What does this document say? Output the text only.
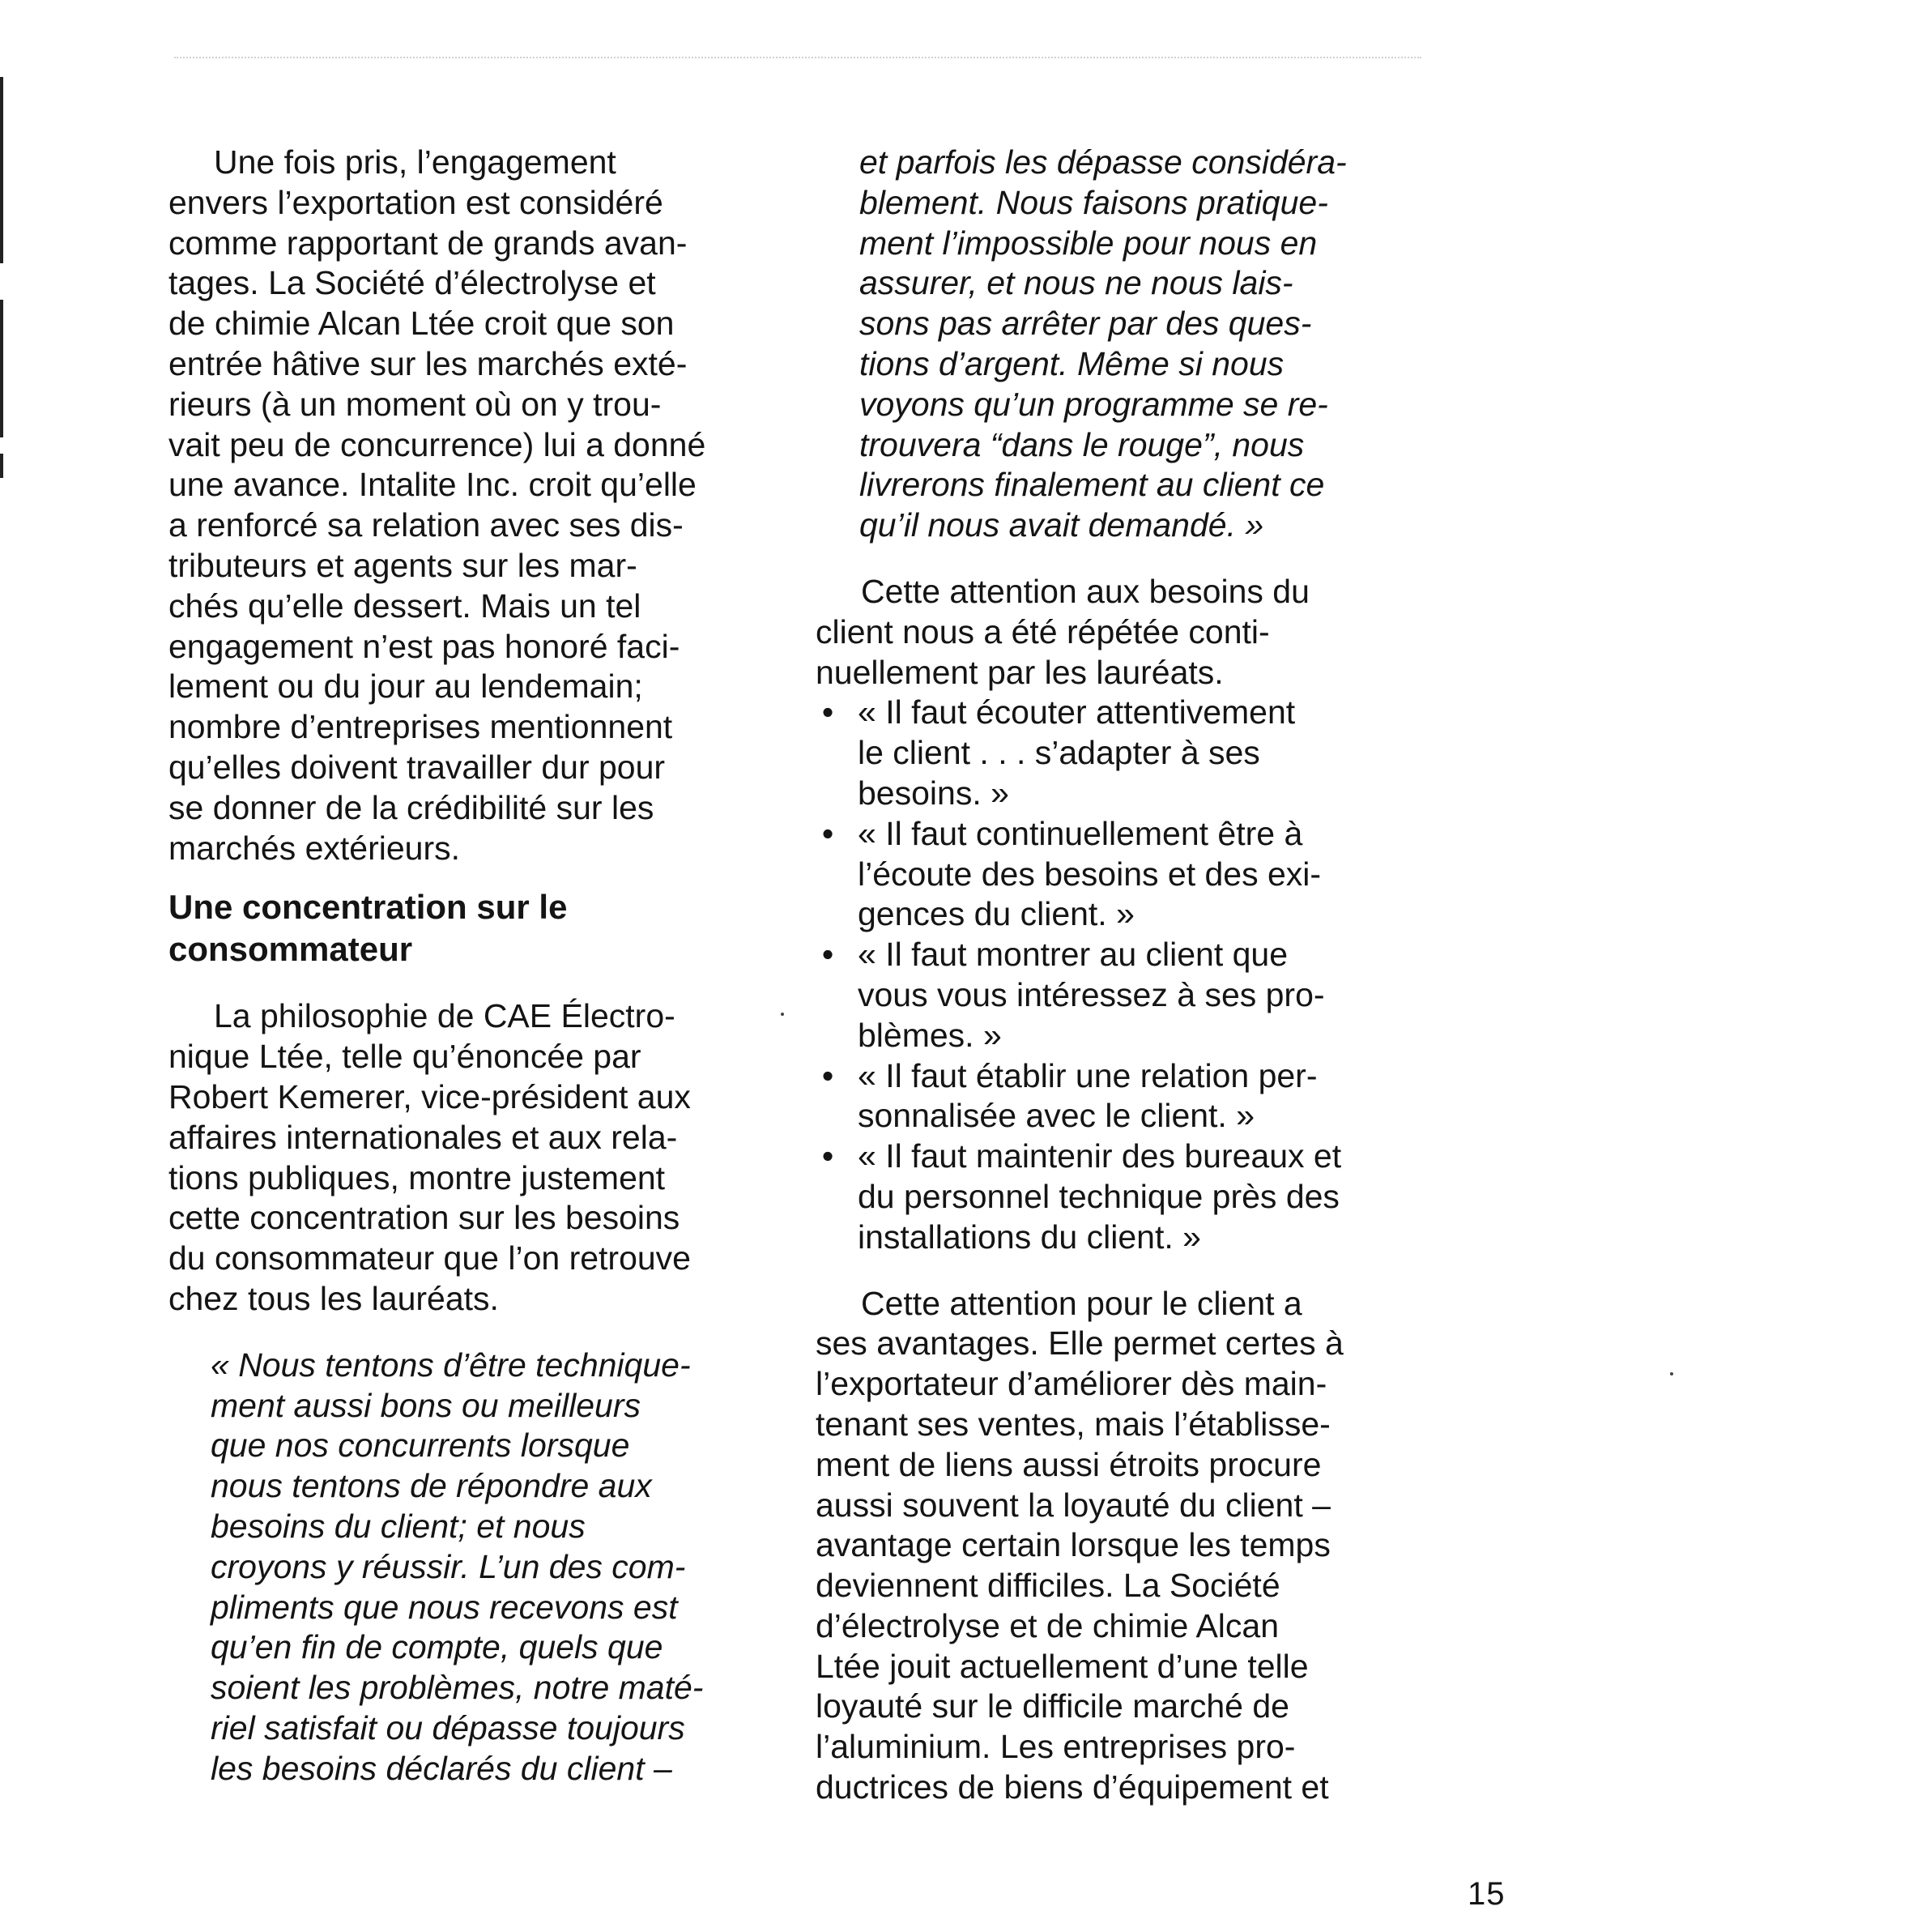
Une fois pris, l’engagement
envers l’exportation est considéré
comme rapportant de grands avan-
tages. La Société d’électrolyse et
de chimie Alcan Ltée croit que son
entrée hâtive sur les marchés exté-
rieurs (à un moment où on y trou-
vait peu de concurrence) lui a donné
une avance. Intalite Inc. croit qu’elle
a renforcé sa relation avec ses dis-
tributeurs et agents sur les mar-
chés qu’elle dessert. Mais un tel
engagement n’est pas honoré faci-
lement ou du jour au lendemain;
nombre d’entreprises mentionnent
qu’elles doivent travailler dur pour
se donner de la crédibilité sur les
marchés extérieurs.
Une concentration sur le
consommateur
La philosophie de CAE Électro-
nique Ltée, telle qu’énoncée par
Robert Kemerer, vice-président aux
affaires internationales et aux rela-
tions publiques, montre justement
cette concentration sur les besoins
du consommateur que l’on retrouve
chez tous les lauréats.
« Nous tentons d’être technique-
ment aussi bons ou meilleurs
que nos concurrents lorsque
nous tentons de répondre aux
besoins du client; et nous
croyons y réussir. L’un des com-
pliments que nous recevons est
qu’en fin de compte, quels que
soient les problèmes, notre maté-
riel satisfait ou dépasse toujours
les besoins déclarés du client –
et parfois les dépasse considéra-
blement. Nous faisons pratique-
ment l’impossible pour nous en
assurer, et nous ne nous lais-
sons pas arrêter par des ques-
tions d’argent. Même si nous
voyons qu’un programme se re-
trouvera “dans le rouge”, nous
livrerons finalement au client ce
qu’il nous avait demandé. »
Cette attention aux besoins du
client nous a été répétée conti-
nuellement par les lauréats.
• « Il faut écouter attentivement
le client . . . s’adapter à ses
besoins. »
• « Il faut continuellement être à
l’écoute des besoins et des exi-
gences du client. »
• « Il faut montrer au client que
vous vous intéressez à ses pro-
blèmes. »
• « Il faut établir une relation per-
sonnalisée avec le client. »
• « Il faut maintenir des bureaux et
du personnel technique près des
installations du client. »
Cette attention pour le client a
ses avantages. Elle permet certes à
l’exportateur d’améliorer dès main-
tenant ses ventes, mais l’établisse-
ment de liens aussi étroits procure
aussi souvent la loyauté du client –
avantage certain lorsque les temps
deviennent difficiles. La Société
d’électrolyse et de chimie Alcan
Ltée jouit actuellement d’une telle
loyauté sur le difficile marché de
l’aluminium. Les entreprises pro-
ductrices de biens d’équipement et
15
